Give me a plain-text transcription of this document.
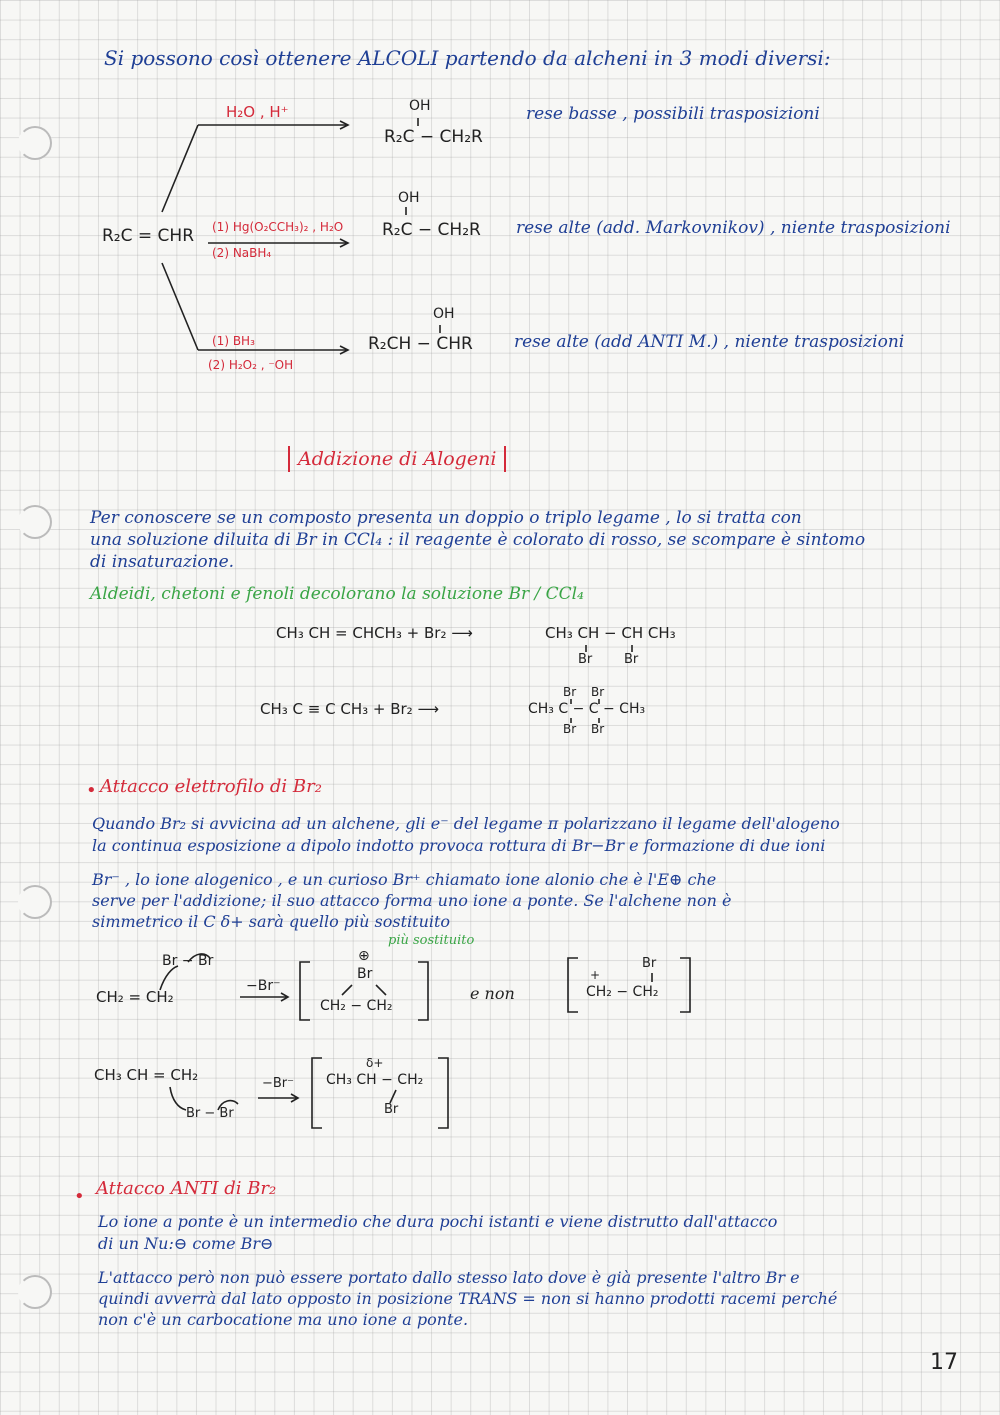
Si possono così ottenere ALCOLI partendo da alcheni in 3 modi diversi:
R₂C = CHR
H₂O , H⁺	OH
R₂C − CH₂R
rese basse , possibili trasposizioni
(1) Hg(O₂CCH₃)₂ , H₂O
(2) NaBH₄
OH
R₂C − CH₂R rese alte (add. Markovnikov) , niente trasposizioni
(1) BH₃
(2) H₂O₂ , ⁻OH
OH
R₂CH − CHR rese alte (add ANTI M.) , niente trasposizioni
Addizione di Alogeni
Per conoscere se un composto presenta un doppio o triplo legame , lo si tratta con
una soluzione diluita di Br in CCl₄ : il reagente è colorato di rosso, se scompare è sintomo
di insaturazione.
Aldeidi, chetoni e fenoli decolorano la soluzione Br / CCl₄
CH₃ CH = CHCH₃ + Br₂ ⟶	CH₃ CH − CH CH₃
Br Br
CH₃ C ≡ C CH₃ + Br₂ ⟶	CH₃ C − C − CH₃
Br Br
Br Br
• Attacco elettrofilo di Br₂
Quando Br₂ si avvicina ad un alchene, gli e⁻ del legame π polarizzano il legame dell'alogeno
la continua esposizione a dipolo indotto provoca rottura di Br−Br e formazione di due ioni
Br⁻ , lo ione alogenico , e un curioso Br⁺ chiamato ione alonio che è l'E⊕ che
serve per l'addizione; il suo attacco forma uno ione a ponte. Se l'alchene non è
simmetrico il C δ+ sarà quello più sostituito
più sostituito
Br − Br
CH₂ = CH₂
−Br⁻
⊕
Br
CH₂ − CH₂
e non
+
Br
CH₂ − CH₂
CH₃ CH = CH₂
Br − Br
−Br⁻
δ+
CH₃ CH − CH₂
Br
• Attacco ANTI di Br₂
Lo ione a ponte è un intermedio che dura pochi istanti e viene distrutto dall'attacco
di un Nu:⊖ come Br⊖
L'attacco però non può essere portato dallo stesso lato dove è già presente l'altro Br e
quindi avverrà dal lato opposto in posizione TRANS = non si hanno prodotti racemi perché
non c'è un carbocatione ma uno ione a ponte.
17
